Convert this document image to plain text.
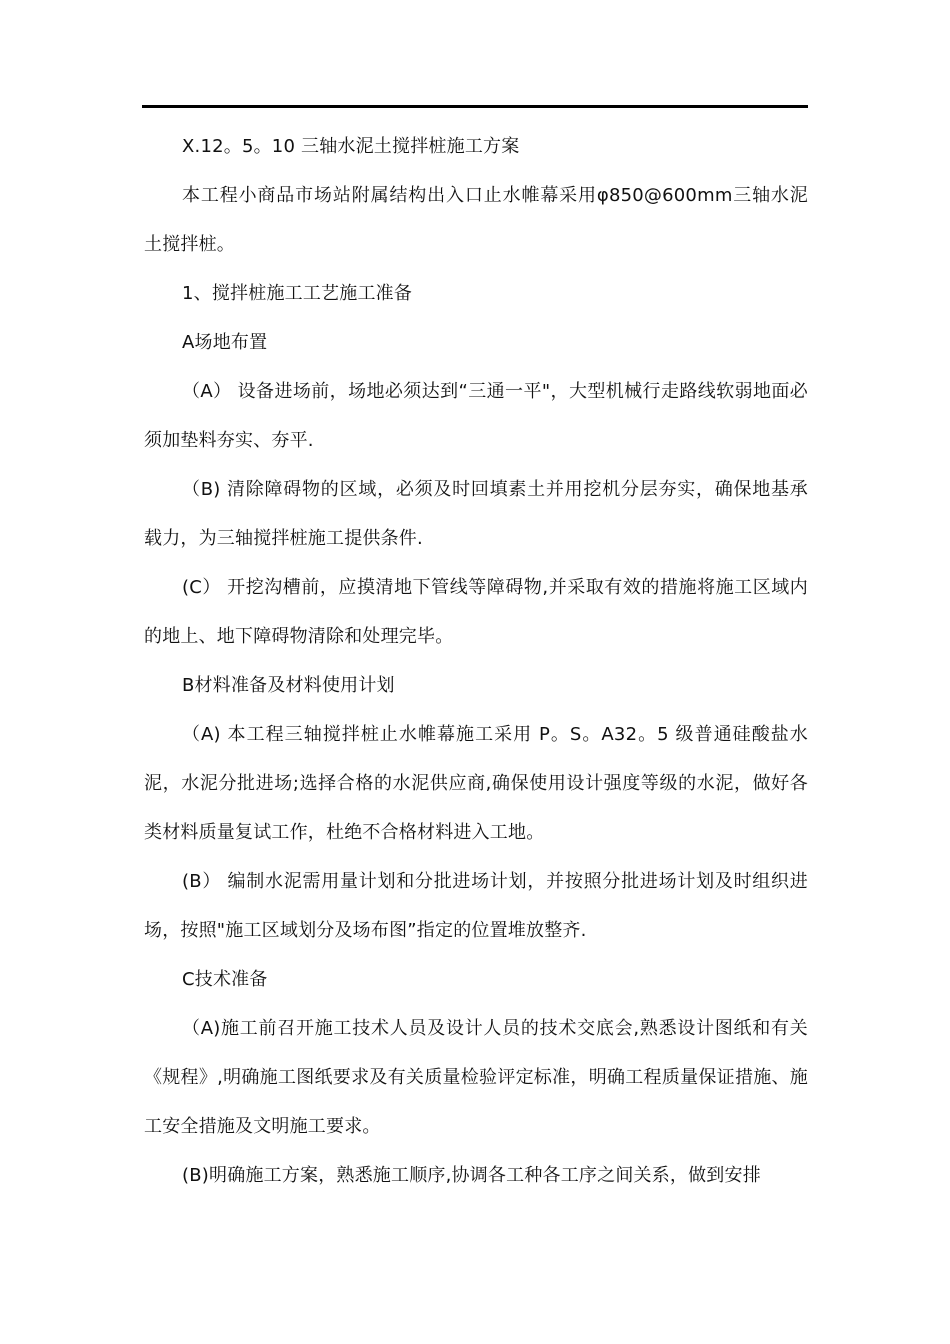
X.12。5。10 三轴水泥土搅拌桩施工方案

本工程小商品市场站附属结构出入口止水帷幕采用φ850@600mm三轴水泥土搅拌桩。

1、搅拌桩施工工艺施工准备

A场地布置

（A） 设备进场前，场地必须达到“三通一平"，大型机械行走路线软弱地面必须加垫料夯实、夯平.

（B) 清除障碍物的区域，必须及时回填素土并用挖机分层夯实，确保地基承载力，为三轴搅拌桩施工提供条件.

(C） 开挖沟槽前，应摸清地下管线等障碍物,并采取有效的措施将施工区域内的地上、地下障碍物清除和处理完毕。

B材料准备及材料使用计划

（A) 本工程三轴搅拌桩止水帷幕施工采用 P。S。A32。5 级普通硅酸盐水泥，水泥分批进场;选择合格的水泥供应商,确保使用设计强度等级的水泥，做好各类材料质量复试工作，杜绝不合格材料进入工地。

(B） 编制水泥需用量计划和分批进场计划，并按照分批进场计划及时组织进场，按照"施工区域划分及场布图”指定的位置堆放整齐.

C技术准备

（A)施工前召开施工技术人员及设计人员的技术交底会,熟悉设计图纸和有关《规程》,明确施工图纸要求及有关质量检验评定标准，明确工程质量保证措施、施工安全措施及文明施工要求。

(B)明确施工方案，熟悉施工顺序,协调各工种各工序之间关系，做到安排
